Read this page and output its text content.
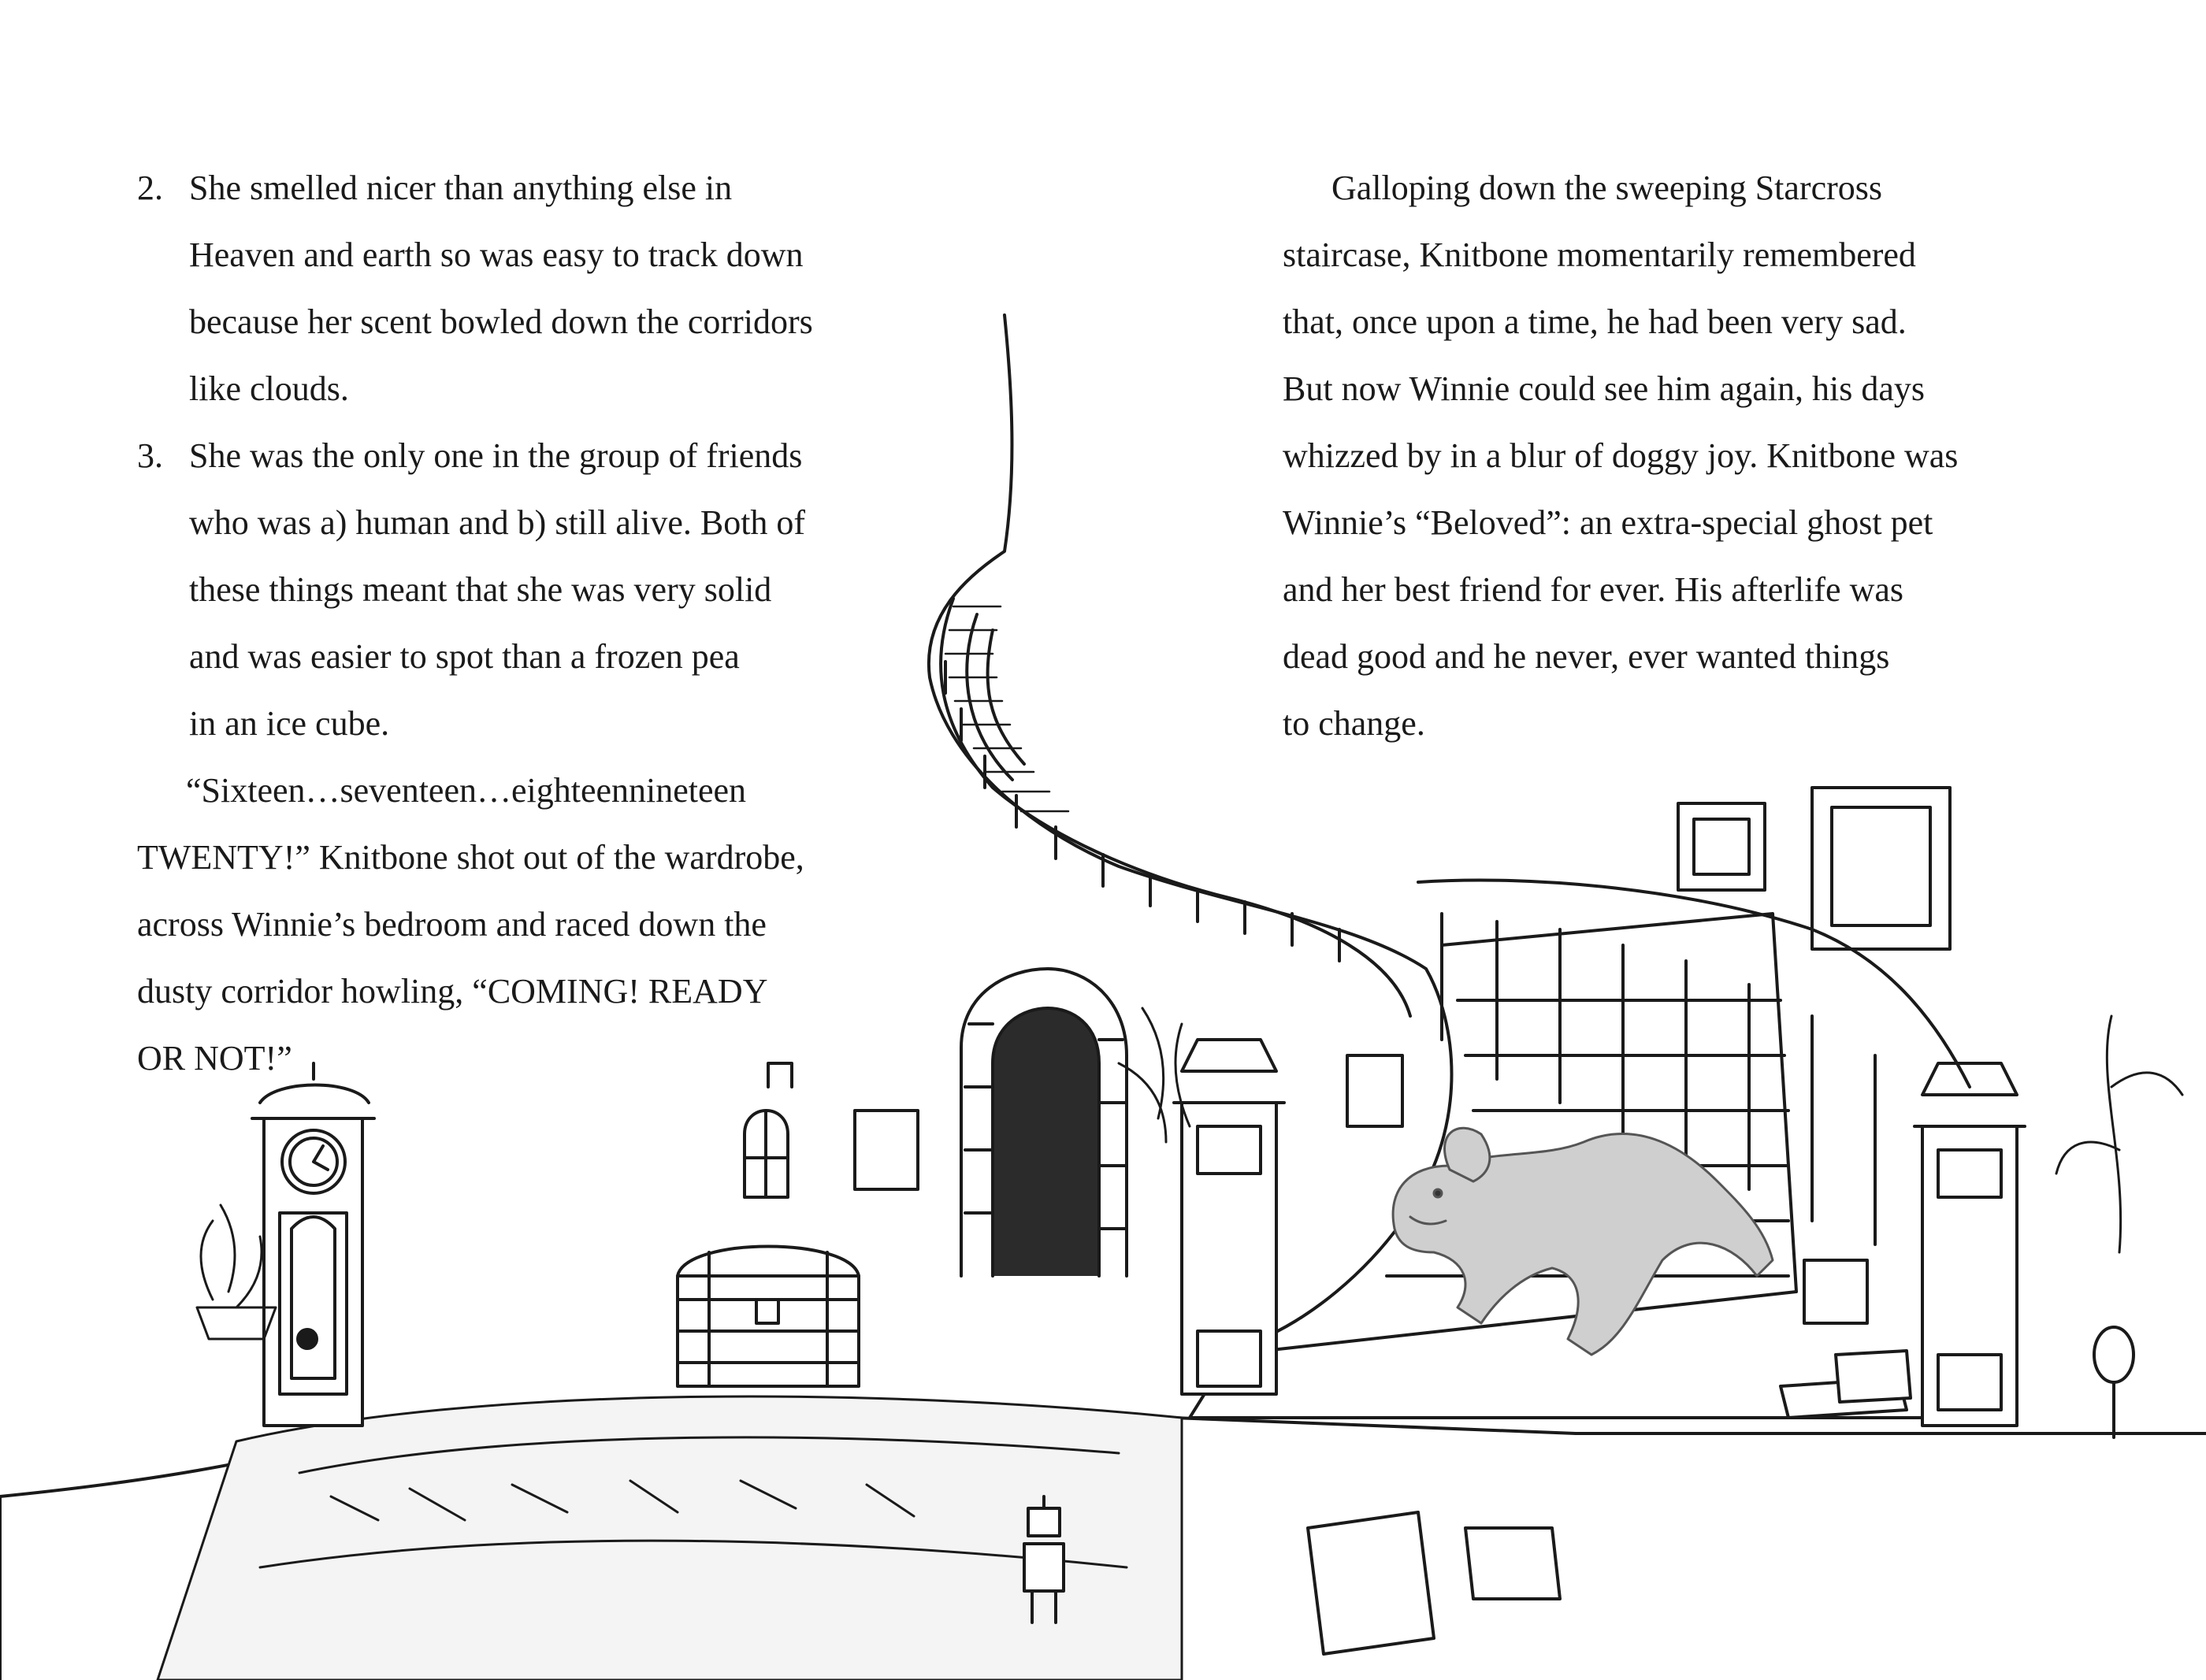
2. She smelled nicer than anything else in
Heaven and earth so was easy to track down
because her scent bowled down the corridors
like clouds.
3. She was the only one in the group of friends
who was a) human and b) still alive. Both of
these things meant that she was very solid
and was easier to spot than a frozen pea
in an ice cube.
“Sixteen…seventeen…eighteennineteen
TWENTY!” Knitbone shot out of the wardrobe,
across Winnie’s bedroom and raced down the
dusty corridor howling, “COMING! READY
OR NOT!”
Galloping down the sweeping Starcross
staircase, Knitbone momentarily remembered
that, once upon a time, he had been very sad.
But now Winnie could see him again, his days
whizzed by in a blur of doggy joy. Knitbone was
Winnie’s “Beloved”: an extra-special ghost pet
and her best friend for ever. His afterlife was
dead good and he never, ever wanted things
to change.
